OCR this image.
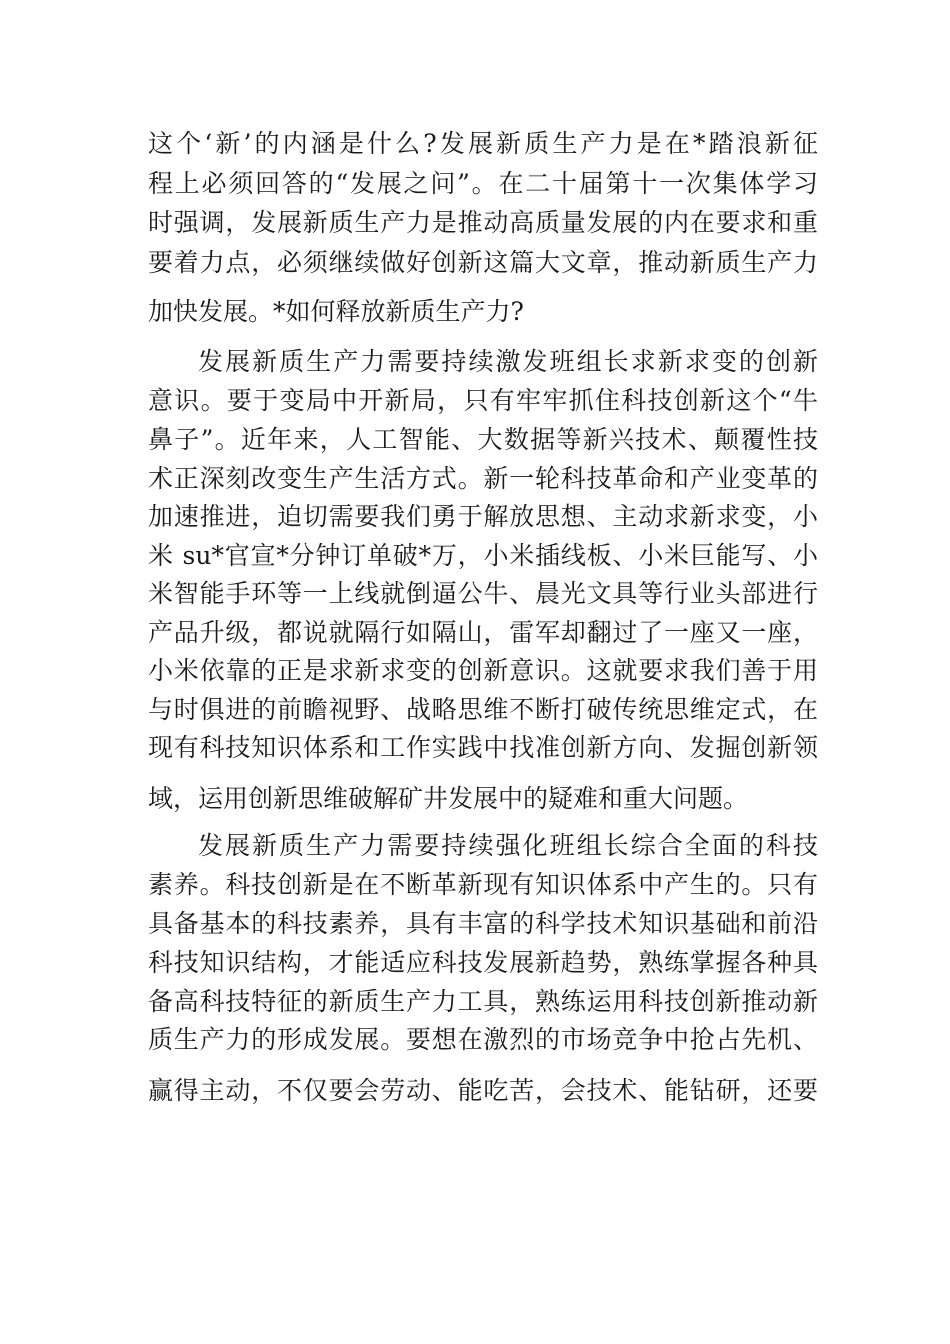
这个‘新’的内涵是什么?发展新质生产力是在*踏浪新征
程上必须回答的“发展之问”。在二十届第十一次集体学习
时强调，发展新质生产力是推动高质量发展的内在要求和重
要着力点，必须继续做好创新这篇大文章，推动新质生产力
加快发展。*如何释放新质生产力?
发展新质生产力需要持续激发班组长求新求变的创新
意识。要于变局中开新局，只有牢牢抓住科技创新这个“牛
鼻子”。近年来，人工智能、大数据等新兴技术、颠覆性技
术正深刻改变生产生活方式。新一轮科技革命和产业变革的
加速推进，迫切需要我们勇于解放思想、主动求新求变，小
米 su*官宣*分钟订单破*万，小米插线板、小米巨能写、小
米智能手环等一上线就倒逼公牛、晨光文具等行业头部进行
产品升级，都说就隔行如隔山，雷军却翻过了一座又一座，
小米依靠的正是求新求变的创新意识。这就要求我们善于用
与时俱进的前瞻视野、战略思维不断打破传统思维定式，在
现有科技知识体系和工作实践中找准创新方向、发掘创新领
域，运用创新思维破解矿井发展中的疑难和重大问题。
发展新质生产力需要持续强化班组长综合全面的科技
素养。科技创新是在不断革新现有知识体系中产生的。只有
具备基本的科技素养，具有丰富的科学技术知识基础和前沿
科技知识结构，才能适应科技发展新趋势，熟练掌握各种具
备高科技特征的新质生产力工具，熟练运用科技创新推动新
质生产力的形成发展。要想在激烈的市场竞争中抢占先机、
赢得主动，不仅要会劳动、能吃苦，会技术、能钻研，还要
